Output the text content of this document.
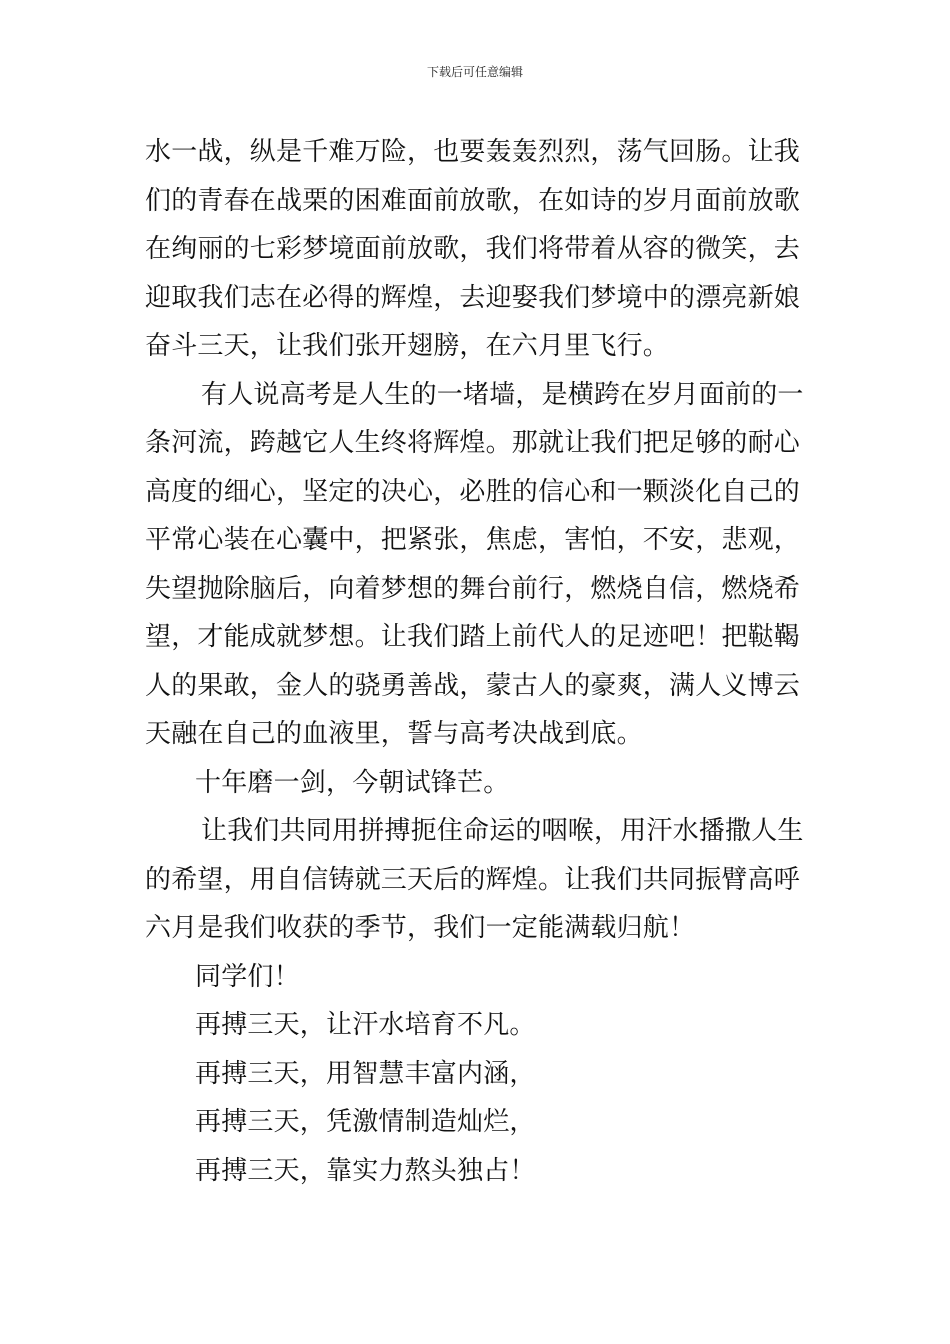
下载后可任意编辑
水一战，纵是千难万险，也要轰轰烈烈，荡气回肠。让我
们的青春在战栗的困难面前放歌，在如诗的岁月面前放歌
在绚丽的七彩梦境面前放歌，我们将带着从容的微笑，去
迎取我们志在必得的辉煌，去迎娶我们梦境中的漂亮新娘
奋斗三天，让我们张开翅膀，在六月里飞行。
有人说高考是人生的一堵墙，是横跨在岁月面前的一
条河流，跨越它人生终将辉煌。那就让我们把足够的耐心
高度的细心，坚定的决心，必胜的信心和一颗淡化自己的
平常心装在心囊中，把紧张，焦虑，害怕，不安，悲观，
失望抛除脑后，向着梦想的舞台前行，燃烧自信，燃烧希
望，才能成就梦想。让我们踏上前代人的足迹吧！把鞑鞨
人的果敢，金人的骁勇善战，蒙古人的豪爽，满人义博云
天融在自己的血液里，誓与高考决战到底。
十年磨一剑，今朝试锋芒。
让我们共同用拼搏扼住命运的咽喉，用汗水播撒人生
的希望，用自信铸就三天后的辉煌。让我们共同振臂高呼
六月是我们收获的季节，我们一定能满载归航！
同学们！
再搏三天，让汗水培育不凡。
再搏三天，用智慧丰富内涵，
再搏三天，凭激情制造灿烂，
再搏三天，靠实力熬头独占！
